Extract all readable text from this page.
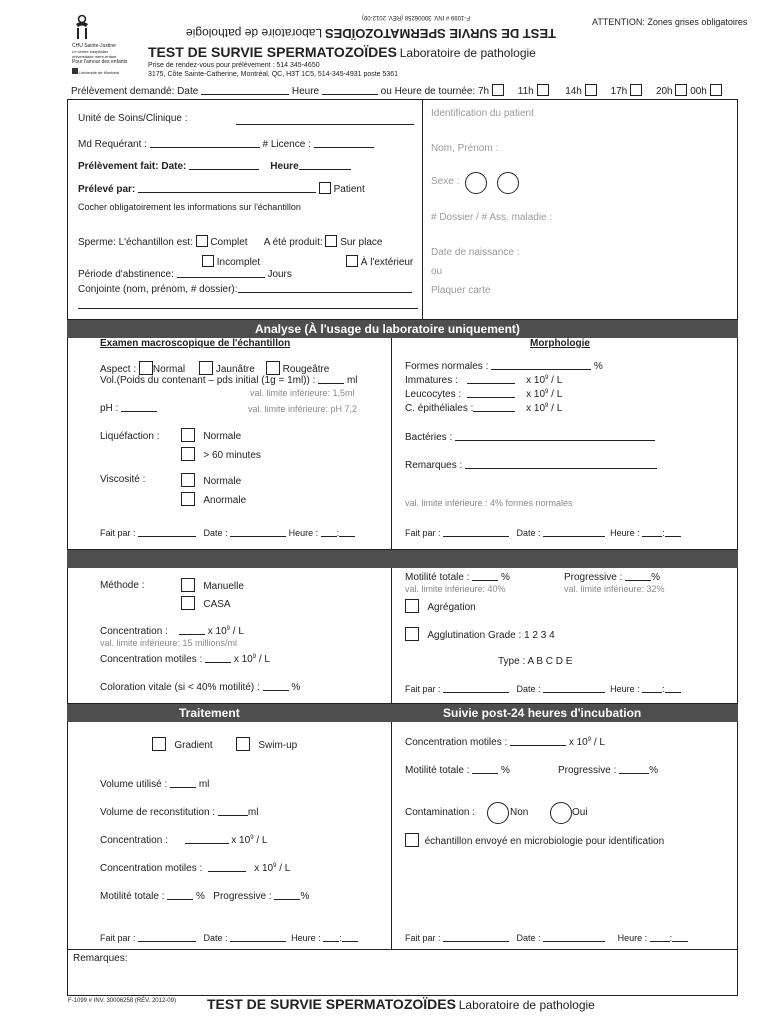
CHU Sainte-Justine
Le centre hospitalier
universitaire mère-enfant
Pour l'amour des enfants
Université de Montréal
F-1099 # INV. 30006258 (RÉV. 2012-09)	ATTENTION: Zones grises obligatoires
TEST DE SURVIE SPERMATOZOÏDES Laboratoire de pathologie
TEST DE SURVIE SPERMATOZOÏDES Laboratoire de pathologie
Prise de rendez-vous pour prélèvement : 514 345-4650
3175, Côte Sainte-Catherine, Montréal, QC, H3T 1C5, 514-345-4931 poste 5361
Prélèvement demandé: Date	Heure	ou Heure de tournée: 7h	11h	14h	17h	20h 00h
Unité de Soins/Clinique :
Md Requérant :	# Licence :
Prélèvement fait: Date:	Heure
Prélevé par:	Patient
Cocher obligatoirement les informations sur l'échantillon
Sperme: L'échantillon est: Complet A été produit: Sur place
Incomplet	À l'extérieur
Période d'abstinence:	Jours
Conjointe (nom, prénom, # dossier):
Identification du patient
Nom, Prénom :
Sexe :
# Dossier / # Ass. maladie :
Date de naissance :
ou
Plaquer carte
Analyse (À l'usage du laboratoire uniquement)
Examen macroscopique de l'échantillon	Morphologie
Aspect : Normal	Jaunâtre	Rougeâtre
Vol.(Poids du contenant – pds initial (1g = 1ml)) :	ml
val. limite inférieure: 1,5ml
pH :	val. limite inférieure: pH 7,2
Liquéfaction :	Normale
> 60 minutes
Viscosité :	Normale
Anormale
Fait par :	Date :	Heure : :
Formes normales :	%
Immatures :	x $10^9$ / L
Leucocytes :	x $10^9$ / L
C. épithéliales :	x $10^9$ / L
Bactéries :
Remarques :
val. limite inférieure : 4% formes normales
Fait par :	Date :	Heure :	:
Méthode :	Manuelle
CASA
Concentration :	x $10^9$ / L
val. limite inférieure: 15 millions/ml
Concentration motiles :	x $10^9$ / L
Coloration vitale (si < 40% motilité) :	%
Motilité totale :	%	Progressive :	%
val. limite inférieure: 40%	val. limite inférieure: 32%
Agrégation
Agglutination Grade : 1 2 3 4
Type : A B C D E
Fait par :	Date :	Heure :	:
Traitement	Suivie post-24 heures d'incubation
Gradient	Swim-up
Volume utilisé :	ml
Volume de reconstitution :	ml
Concentration :	x $10^9$ / L
Concentration motiles :	x $10^9$ / L
Motilité totale :	% Progressive :	%
Fait par :	Date :	Heure : :
Concentration motiles :	x $10^9$ / L
Motilité totale :	%	Progressive :	%
Contamination :	Non	Oui
échantillon envoyé en microbiologie pour identification
Fait par :	Date :	Heure :	:
Remarques:
F-1099 # INV. 30006258 (RÉV. 2012-09) TEST DE SURVIE SPERMATOZOÏDES Laboratoire de pathologie
